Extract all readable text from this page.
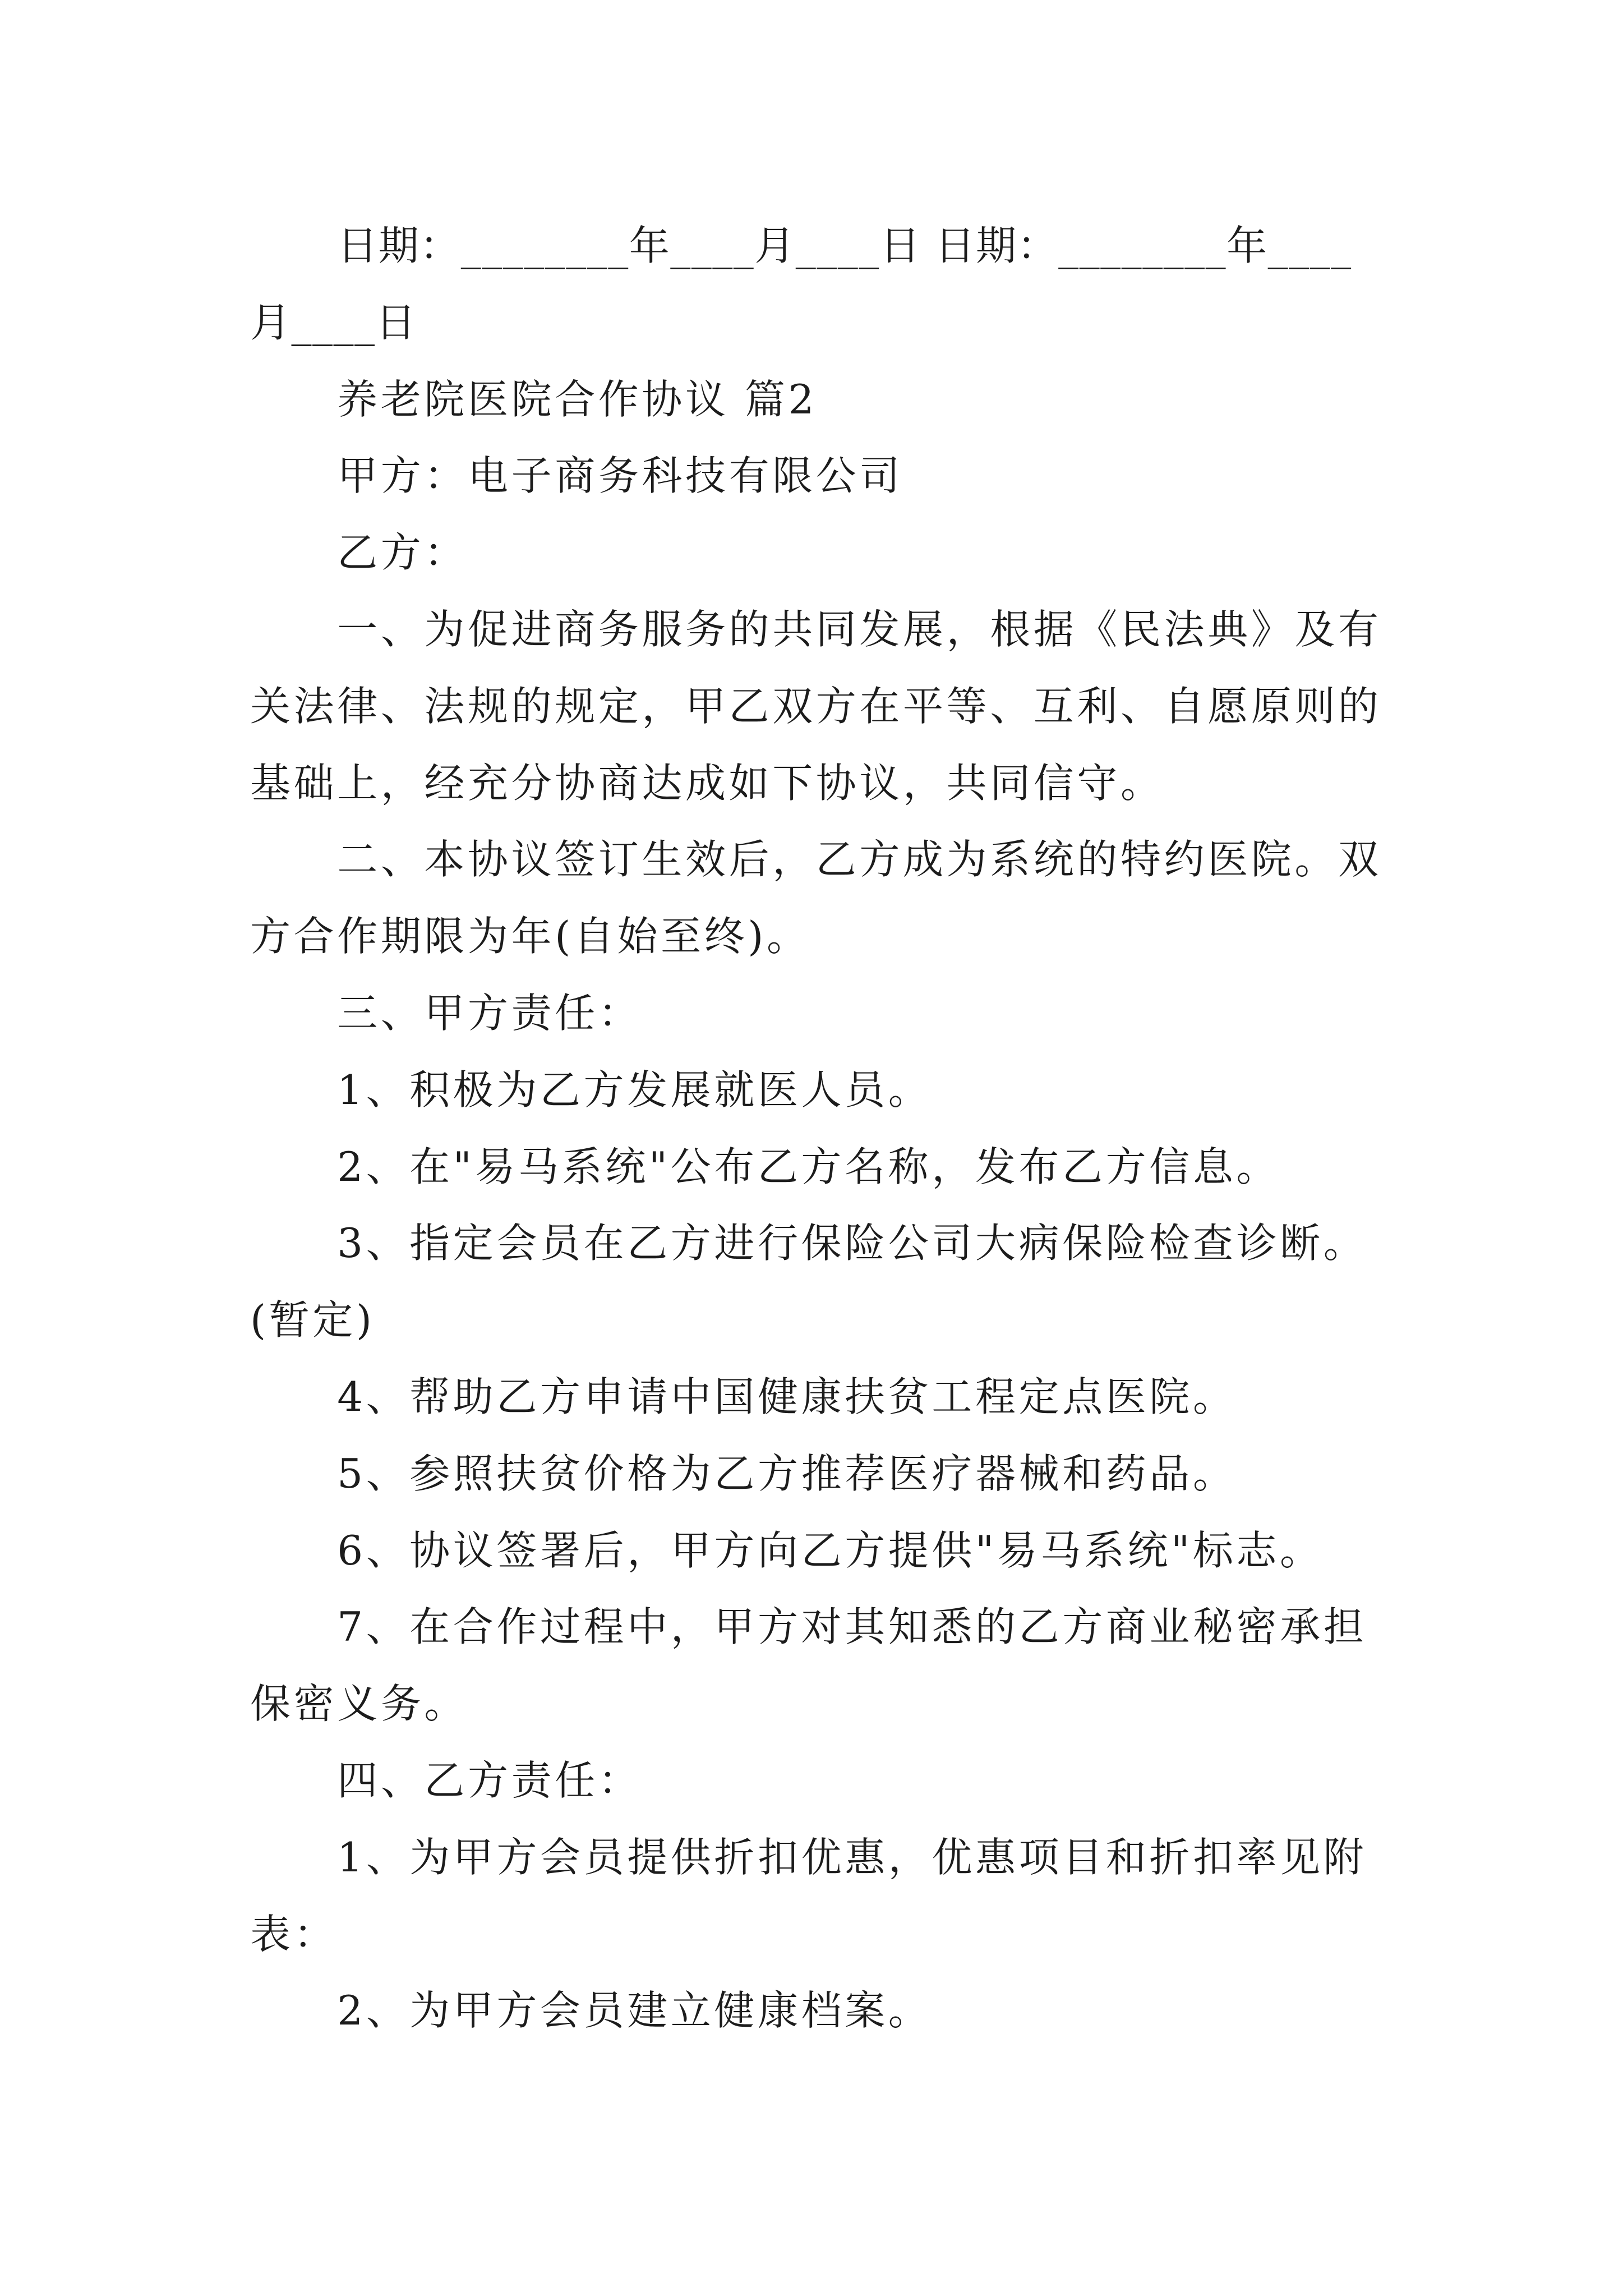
日期：________年____月____日 日期：________年____月____日

养老院医院合作协议 篇2

甲方：电子商务科技有限公司

乙方：

一、为促进商务服务的共同发展，根据《民法典》及有关法律、法规的规定，甲乙双方在平等、互利、自愿原则的基础上，经充分协商达成如下协议，共同信守。

二、本协议签订生效后，乙方成为系统的特约医院。双方合作期限为年(自始至终)。

三、甲方责任：

1、积极为乙方发展就医人员。

2、在"易马系统"公布乙方名称，发布乙方信息。

3、指定会员在乙方进行保险公司大病保险检查诊断。(暂定)

4、帮助乙方申请中国健康扶贫工程定点医院。

5、参照扶贫价格为乙方推荐医疗器械和药品。

6、协议签署后，甲方向乙方提供"易马系统"标志。

7、在合作过程中，甲方对其知悉的乙方商业秘密承担保密义务。

四、乙方责任：

1、为甲方会员提供折扣优惠，优惠项目和折扣率见附表：

2、为甲方会员建立健康档案。
